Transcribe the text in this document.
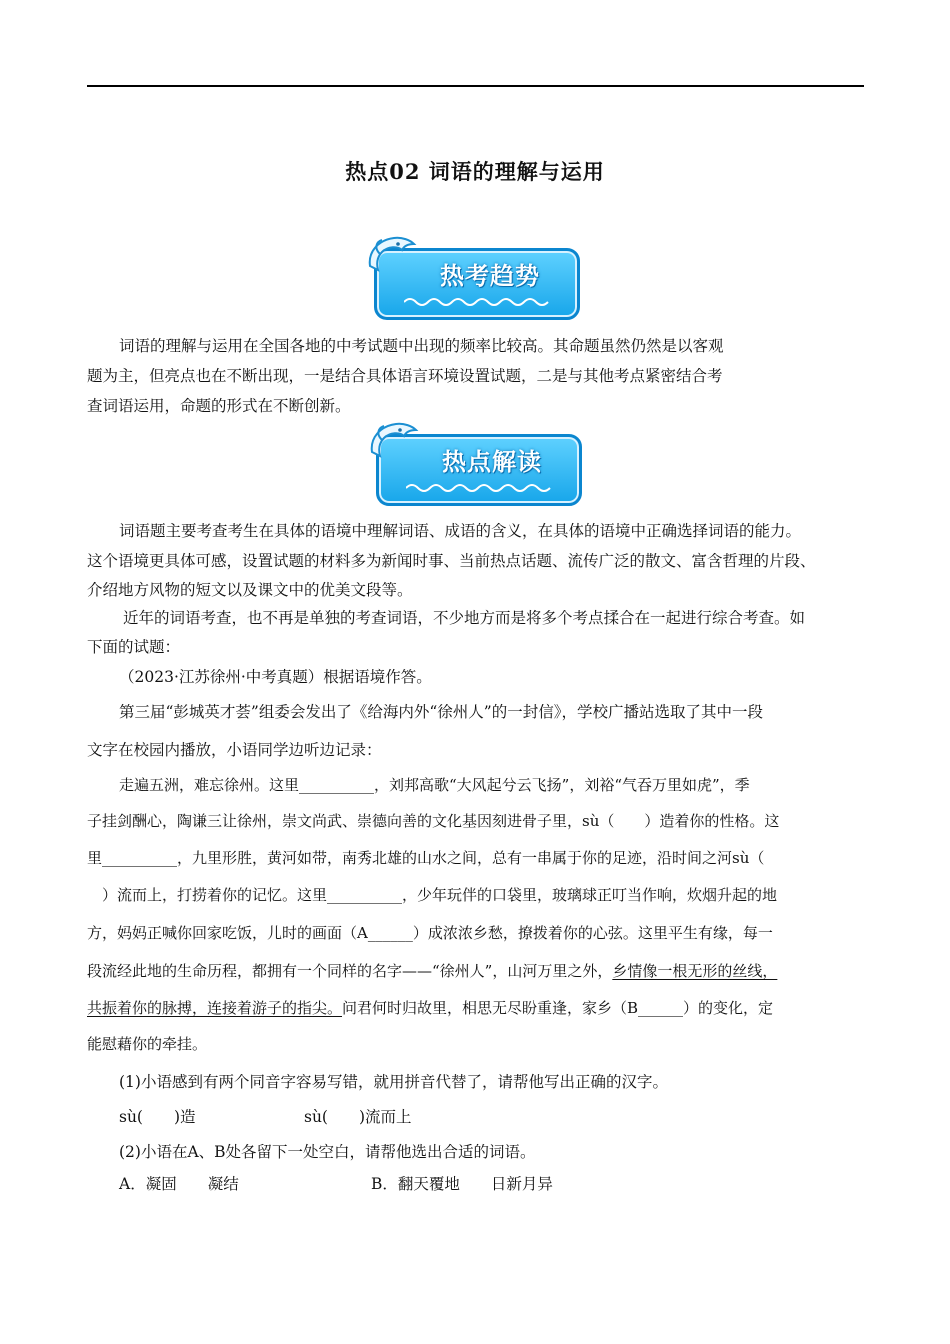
热点02 词语的理解与运用
热考趋势
词语的理解与运用在全国各地的中考试题中出现的频率比较高。其命题虽然仍然是以客观
题为主，但亮点也在不断出现，一是结合具体语言环境设置试题，二是与其他考点紧密结合考
查词语运用，命题的形式在不断创新。
热点解读
词语题主要考查考生在具体的语境中理解词语、成语的含义，在具体的语境中正确选择词语的能力。
这个语境更具体可感，设置试题的材料多为新闻时事、当前热点话题、流传广泛的散文、富含哲理的片段、
介绍地方风物的短文以及课文中的优美文段等。
近年的词语考查，也不再是单独的考查词语，不少地方而是将多个考点揉合在一起进行综合考查。如
下面的试题：
（2023·江苏徐州·中考真题）根据语境作答。
第三届“彭城英才荟”组委会发出了《给海内外“徐州人”的一封信》，学校广播站选取了其中一段
文字在校园内播放，小语同学边听边记录：
走遍五洲，难忘徐州。这里__________，刘邦高歌“大风起兮云飞扬”，刘裕“气吞万里如虎”，季
子挂剑酬心，陶谦三让徐州，崇文尚武、崇德向善的文化基因刻进骨子里，sù（　　）造着你的性格。这
里__________，九里形胜，黄河如带，南秀北雄的山水之间，总有一串属于你的足迹，沿时间之河sù（
　）流而上，打捞着你的记忆。这里__________，少年玩伴的口袋里，玻璃球正叮当作响，炊烟升起的地
方，妈妈正喊你回家吃饭，儿时的画面（A______）成浓浓乡愁，撩拨着你的心弦。这里平生有缘，每一
段流经此地的生命历程，都拥有一个同样的名字——“徐州人”，山河万里之外，乡情像一根无形的丝线，
共振着你的脉搏，连接着游子的指尖。问君何时归故里，相思无尽盼重逢，家乡（B______）的变化，定
能慰藉你的牵挂。
(1)小语感到有两个同音字容易写错，就用拼音代替了，请帮他写出正确的汉字。
sù(　　)造	sù(　　)流而上
(2)小语在A、B处各留下一处空白，请帮他选出合适的词语。
A．凝固　　凝结	B．翻天覆地　　日新月异
